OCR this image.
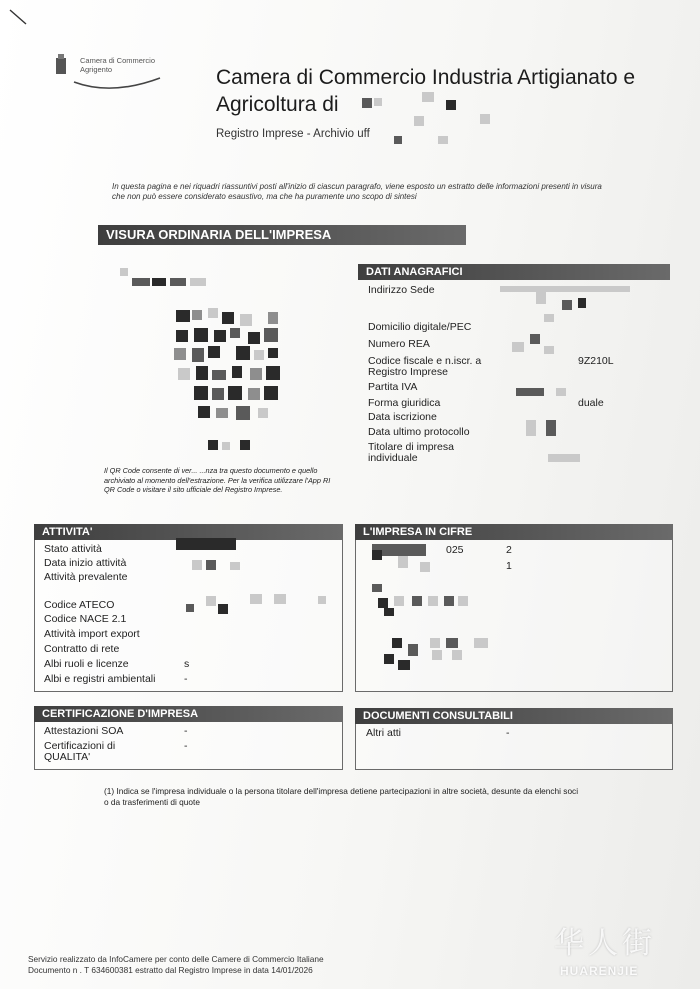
Camera di Commercio
Agrigento	Camera di Commercio Industria Artigianato e
Agricoltura di
Registro Imprese - Archivio uff
In questa pagina e nei riquadri riassuntivi posti all'inizio di ciascun paragrafo, viene esposto un estratto delle informazioni presenti in visura che non può essere considerato esaustivo, ma che ha puramente uno scopo di sintesi
VISURA ORDINARIA DELL'IMPRESA
Il QR Code consente di ver... ...nza tra questo documento e quello archiviato al momento dell'estrazione. Per la verifica utilizzare l'App RI QR Code o visitare il sito ufficiale del Registro Imprese.
DATI ANAGRAFICI
Indirizzo Sede
Domicilio digitale/PEC
Numero REA
Codice fiscale e n.iscr. a	9Z210L
Registro Imprese
Partita IVA
Forma giuridica	duale
Data iscrizione
Data ultimo protocollo
Titolare di impresa
individuale
ATTIVITA'
Stato attività
Data inizio attività
Attività prevalente
Codice ATECO
Codice NACE 2.1
Attività import export
Contratto di rete
Albi ruoli e licenze	s
Albi e registri ambientali	-
L'IMPRESA IN CIFRE
025	2
1
CERTIFICAZIONE D'IMPRESA
Attestazioni SOA	-
Certificazioni di	-
QUALITA'
DOCUMENTI CONSULTABILI
Altri atti	-
(1) Indica se l'impresa individuale o la persona titolare dell'impresa detiene partecipazioni in altre società, desunte da elenchi soci o da trasferimenti di quote
Servizio realizzato da InfoCamere per conto delle Camere di Commercio Italiane
Documento n . T 634600381 estratto dal Registro Imprese in data 14/01/2026
华人街
HUARENJIE
